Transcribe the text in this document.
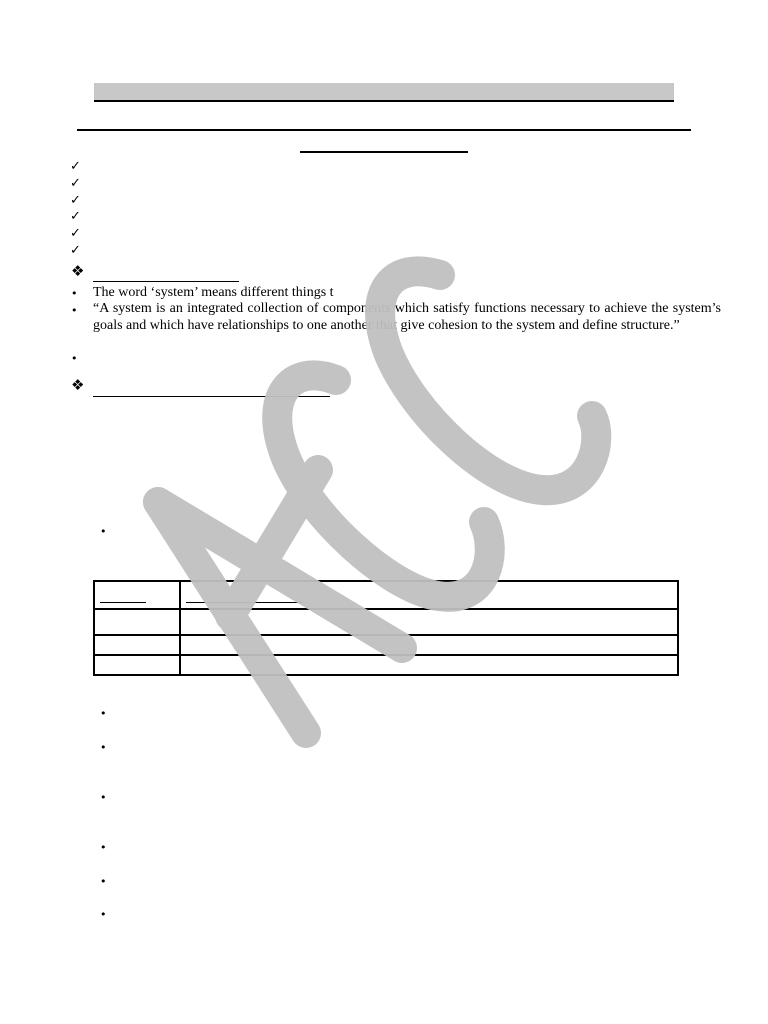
✓
✓
✓
✓
✓
✓
❖
• The word ‘system’ means different things t
• “A system is an integrated collection of components which satisfy functions necessary to achieve the system’s goals and which have relationships to one another that give cohesion to the system and define structure.”
•
❖
•

•
•
•
•
•
•
